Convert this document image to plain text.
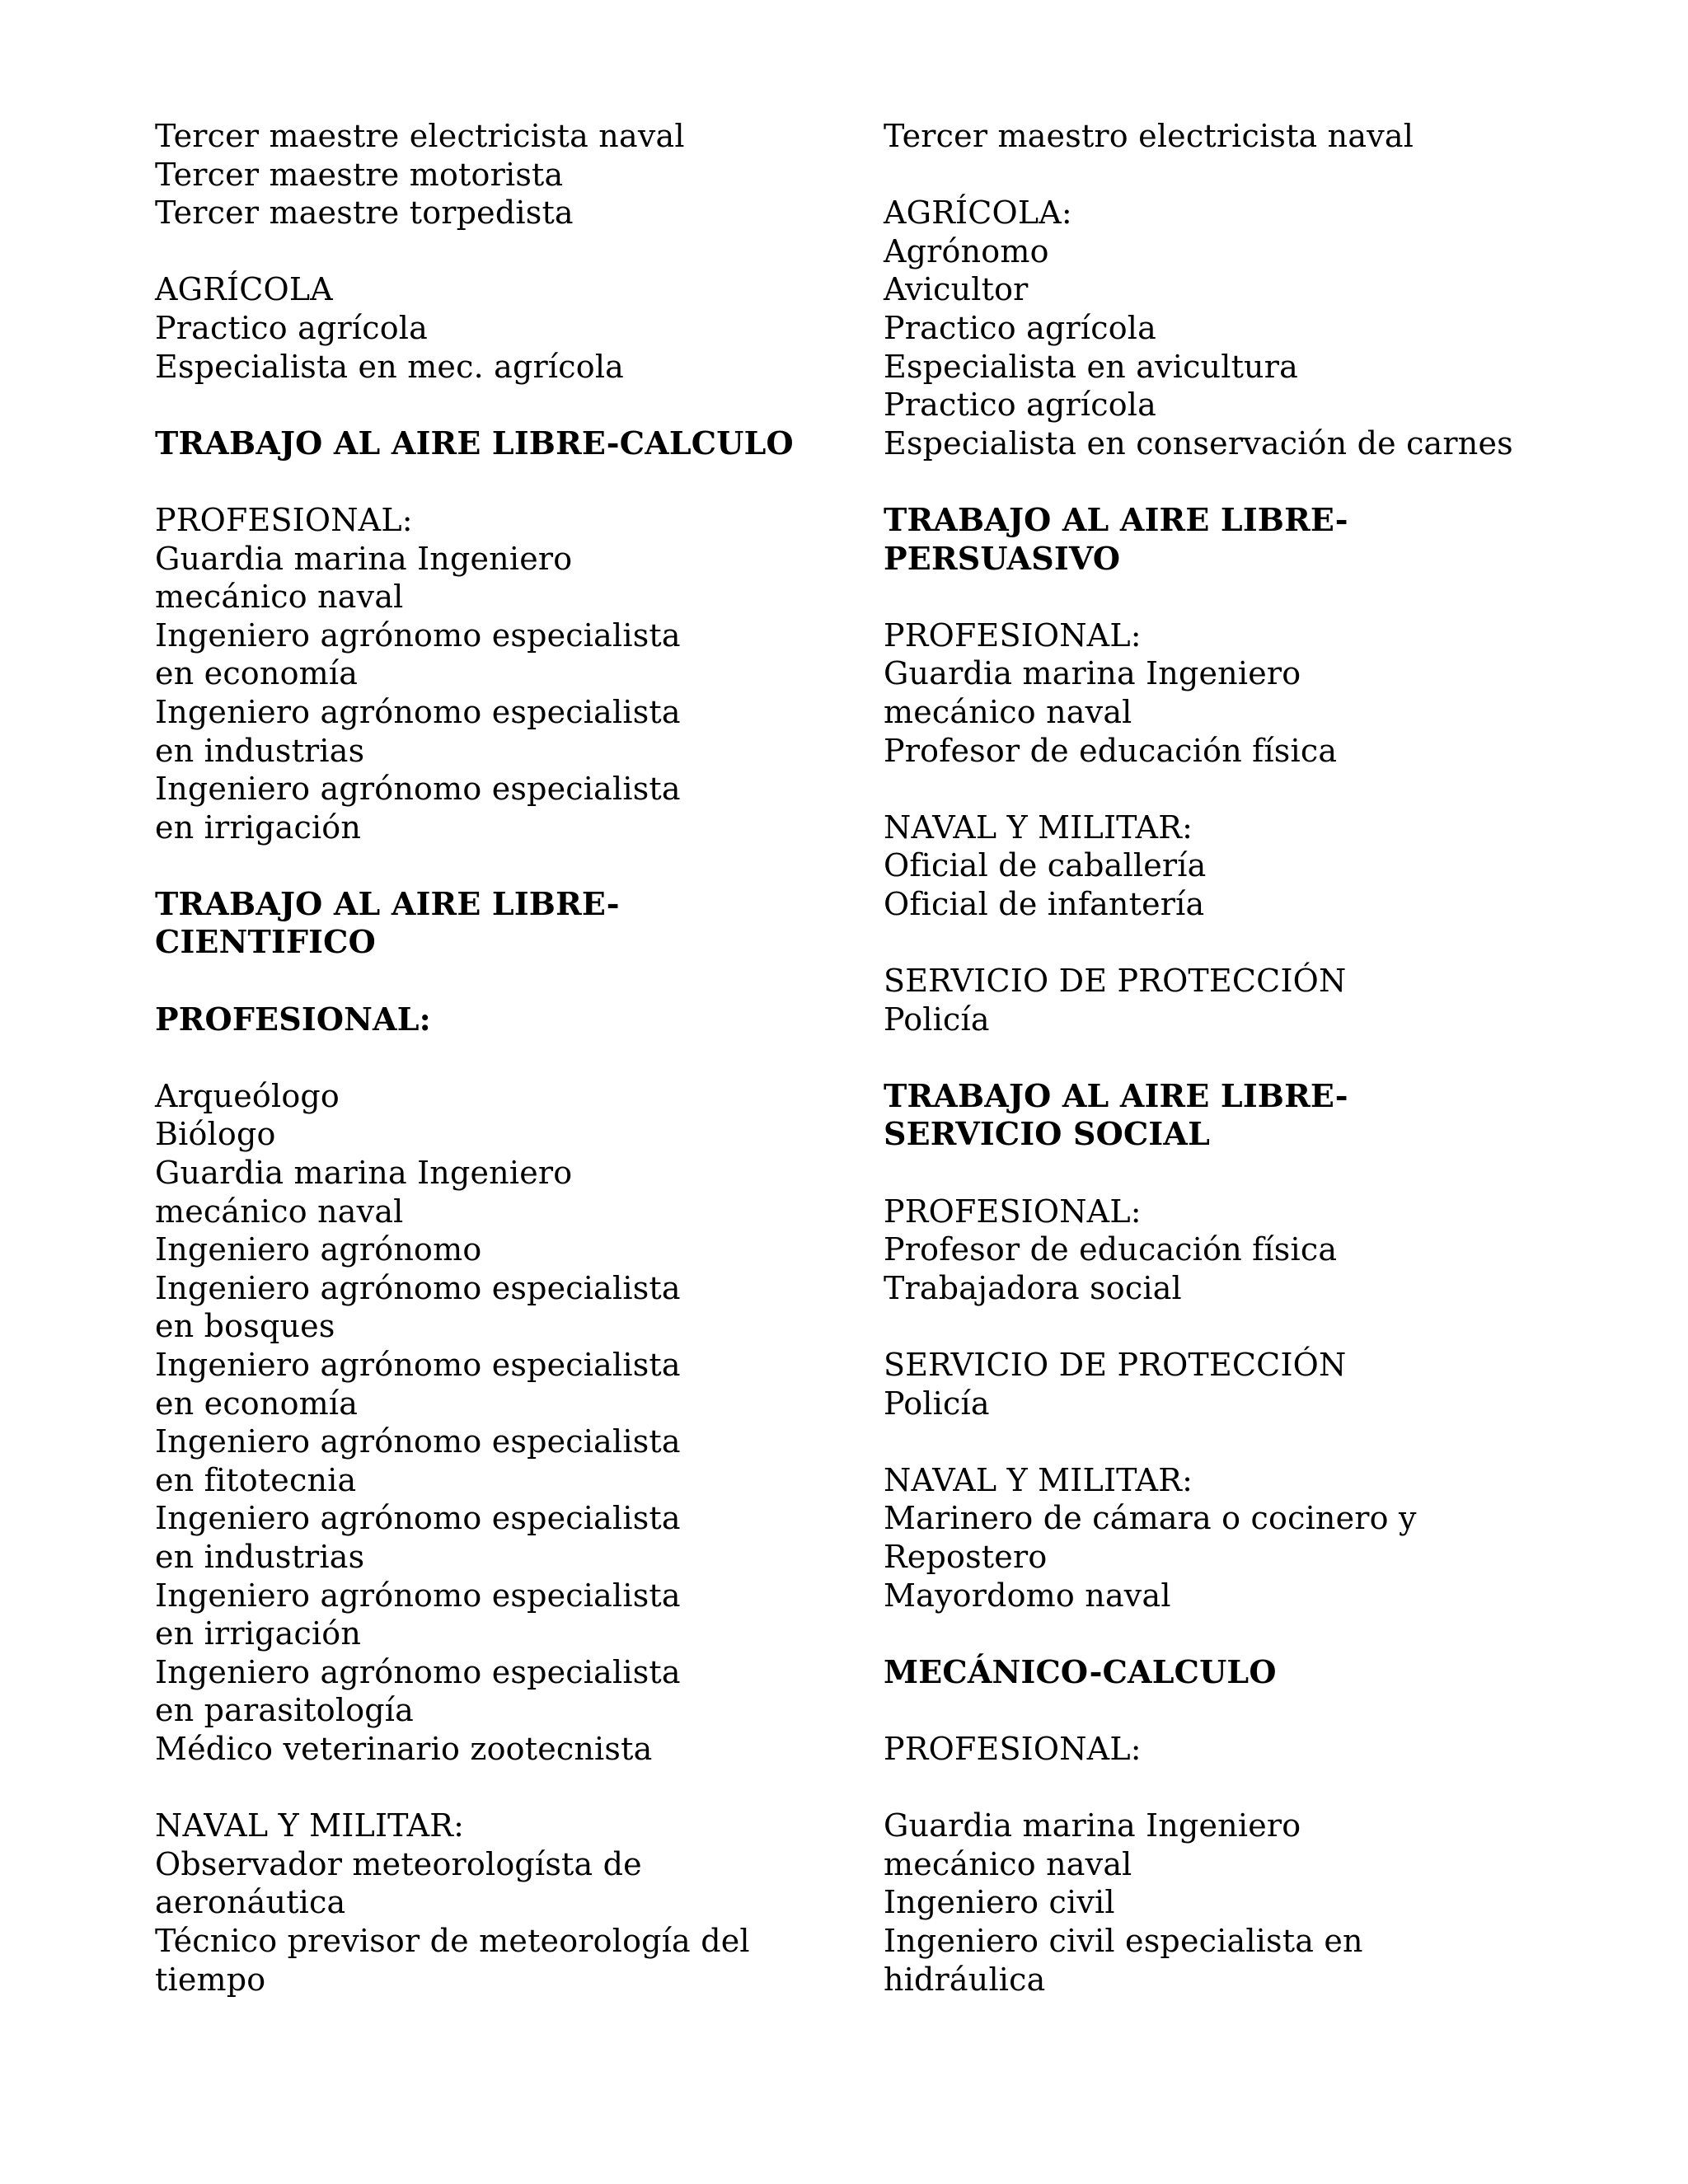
Tercer maestre electricista naval
Tercer maestre motorista
Tercer maestre torpedista
AGRÍCOLA
Practico agrícola
Especialista en mec. agrícola
TRABAJO AL AIRE LIBRE-CALCULO
PROFESIONAL:
Guardia marina Ingeniero
mecánico naval
Ingeniero agrónomo especialista
en economía
Ingeniero agrónomo especialista
en industrias
Ingeniero agrónomo especialista
en irrigación
TRABAJO AL AIRE LIBRE-
CIENTIFICO
PROFESIONAL:
Arqueólogo
Biólogo
Guardia marina Ingeniero
mecánico naval
Ingeniero agrónomo
Ingeniero agrónomo especialista
en bosques
Ingeniero agrónomo especialista
en economía
Ingeniero agrónomo especialista
en fitotecnia
Ingeniero agrónomo especialista
en industrias
Ingeniero agrónomo especialista
en irrigación
Ingeniero agrónomo especialista
en parasitología
Médico veterinario zootecnista
NAVAL Y MILITAR:
Observador meteorologísta de
aeronáutica
Técnico previsor de meteorología del
tiempo
Tercer maestro electricista naval
AGRÍCOLA:
Agrónomo
Avicultor
Practico agrícola
Especialista en avicultura
Practico agrícola
Especialista en conservación de carnes
TRABAJO AL AIRE LIBRE-
PERSUASIVO
PROFESIONAL:
Guardia marina Ingeniero
mecánico naval
Profesor de educación física
NAVAL Y MILITAR:
Oficial de caballería
Oficial de infantería
SERVICIO DE PROTECCIÓN
Policía
TRABAJO AL AIRE LIBRE-
SERVICIO SOCIAL
PROFESIONAL:
Profesor de educación física
Trabajadora social
SERVICIO DE PROTECCIÓN
Policía
NAVAL Y MILITAR:
Marinero de cámara o cocinero y
Repostero
Mayordomo naval
MECÁNICO-CALCULO
PROFESIONAL:
Guardia marina Ingeniero
mecánico naval
Ingeniero civil
Ingeniero civil especialista en
hidráulica
